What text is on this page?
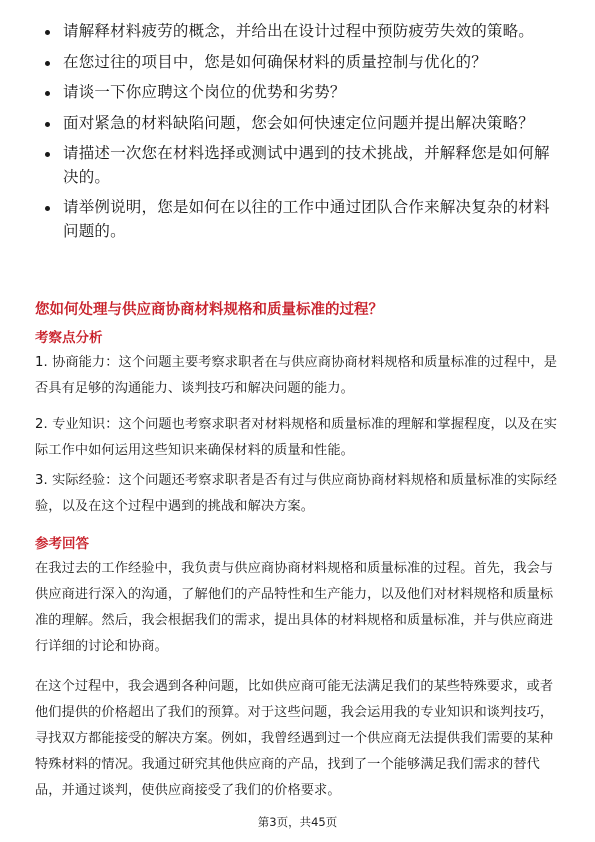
请解释材料疲劳的概念，并给出在设计过程中预防疲劳失效的策略。
在您过往的项目中，您是如何确保材料的质量控制与优化的？
请谈一下你应聘这个岗位的优势和劣势？
面对紧急的材料缺陷问题，您会如何快速定位问题并提出解决策略？
请描述一次您在材料选择或测试中遇到的技术挑战，并解释您是如何解决的。
请举例说明，您是如何在以往的工作中通过团队合作来解决复杂的材料问题的。
您如何处理与供应商协商材料规格和质量标准的过程？
考察点分析
1. 协商能力：这个问题主要考察求职者在与供应商协商材料规格和质量标准的过程中，是否具有足够的沟通能力、谈判技巧和解决问题的能力。
2. 专业知识：这个问题也考察求职者对材料规格和质量标准的理解和掌握程度，以及在实际工作中如何运用这些知识来确保材料的质量和性能。
3. 实际经验：这个问题还考察求职者是否有过与供应商协商材料规格和质量标准的实际经验，以及在这个过程中遇到的挑战和解决方案。
参考回答
在我过去的工作经验中，我负责与供应商协商材料规格和质量标准的过程。首先，我会与供应商进行深入的沟通，了解他们的产品特性和生产能力，以及他们对材料规格和质量标准的理解。然后，我会根据我们的需求，提出具体的材料规格和质量标准，并与供应商进行详细的讨论和协商。
在这个过程中，我会遇到各种问题，比如供应商可能无法满足我们的某些特殊要求，或者他们提供的价格超出了我们的预算。对于这些问题，我会运用我的专业知识和谈判技巧，寻找双方都能接受的解决方案。例如，我曾经遇到过一个供应商无法提供我们需要的某种特殊材料的情况。我通过研究其他供应商的产品，找到了一个能够满足我们需求的替代品，并通过谈判，使供应商接受了我们的价格要求。
第3页，共45页
